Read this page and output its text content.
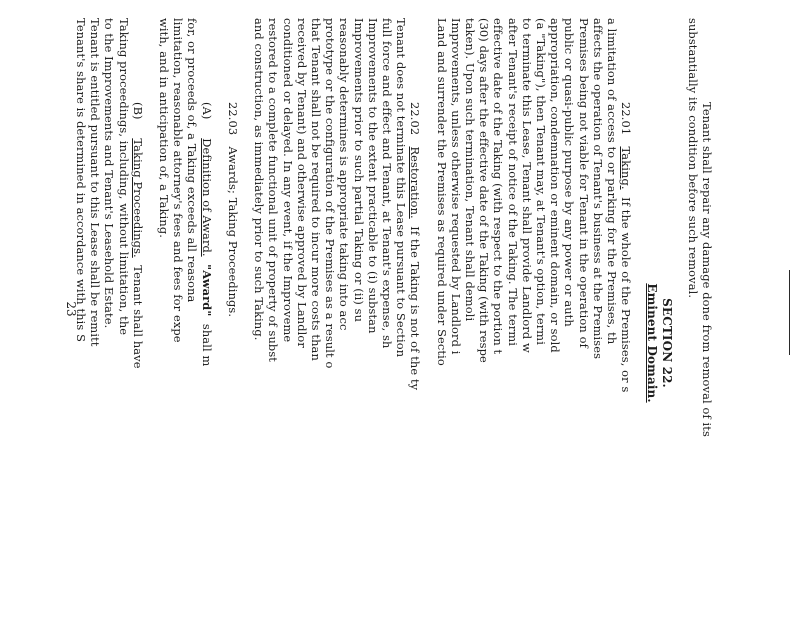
Tenant shall repair any damage done from removal of its

substantially its condition before such removal.

SECTION 22.

Eminent Domain.

22.01   Taking.  If the whole of the Premises, or s

a limitation of access to or parking for the Premises, th

affects the operation of Tenant's business at the Premises

Premises being not viable for Tenant in the operation of

public or quasi-public purpose by any power or auth

appropriation, condemnation or eminent domain, or sold

(a "Taking"), then Tenant may, at Tenant's option, termi

to terminate this Lease, Tenant shall provide Landlord w

after Tenant's receipt of notice of the Taking. The termi

effective date of the Taking (with respect to the portion t

(30) days after the effective date of the Taking (with respe

taken). Upon such termination, Tenant shall demoli

Improvements, unless otherwise requested by Landlord i

Land and surrender the Premises as required under Sectio

22.02   Restoration.  If the Taking is not of the ty

Tenant does not terminate this Lease pursuant to Section

full force and effect and Tenant, at Tenant's expense, sh

Improvements to the extent practicable to (i) substan

Improvements prior to such partial Taking or (ii) su

reasonably determines is appropriate taking into acc

prototype or the configuration of the Premises as a result o

that Tenant shall not be required to incur more costs than

received by Tenant) and otherwise approved by Landlor

conditioned or delayed. In any event, if the Improveme

restored to a complete functional unit of property of subst

and construction, as immediately prior to such Taking.

22.03   Awards; Taking Proceedings.

(A)     Definition of Award.  "Award"  shall m

for, or proceeds of, a Taking exceeds all reasona

limitation, reasonable attorney's fees and fees for expe

with, and in anticipation of, a Taking.

(B)     Taking Proceedings.  Tenant shall have

Taking proceedings, including, without limitation, the

to the Improvements and Tenant's Leasehold Estate.

Tenant is entitled pursuant to this Lease shall be remitt

Tenant's share is determined in accordance with this S

23
